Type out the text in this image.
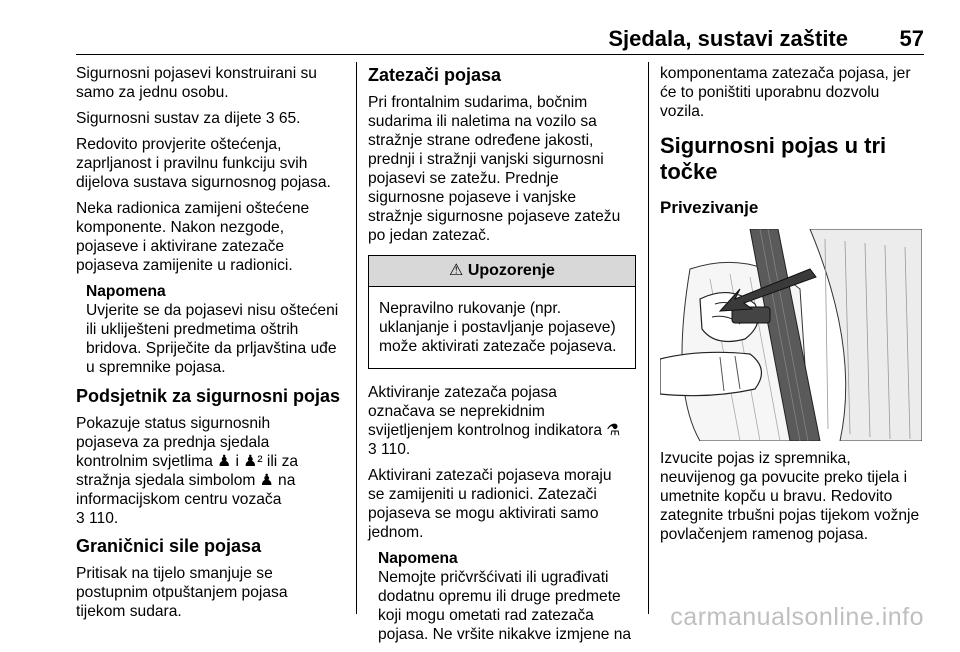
Sjedala, sustavi zaštite 57

Sigurnosni pojasevi konstruirani su
samo za jednu osobu.

Sigurnosni sustav za dijete 3 65.

Redovito provjerite oštećenja,
zaprljanost i pravilnu funkciju svih
dijelova sustava sigurnosnog pojasa.

Neka radionica zamijeni oštećene
komponente. Nakon nezgode,
pojaseve i aktivirane zatezače
pojaseva zamijenite u radionici.

Napomena
Uvjerite se da pojasevi nisu oštećeni
ili ukliješteni predmetima oštrih
bridova. Spriječite da prljavština uđe
u spremnike pojasa.
Podsjetnik za sigurnosni pojas

Pokazuje status sigurnosnih
pojaseva za prednja sjedala
kontrolnim svjetlima ♟ i ♟² ili za
stražnja sjedala simbolom ♟ na
informacijskom centru vozača
3 110.

Graničnici sile pojasa

Pritisak na tijelo smanjuje se
postupnim otpuštanjem pojasa
tijekom sudara.

Zatezači pojasa

Pri frontalnim sudarima, bočnim
sudarima ili naletima na vozilo sa
stražnje strane određene jakosti,
prednji i stražnji vanjski sigurnosni
pojasevi se zatežu. Prednje
sigurnosne pojaseve i vanjske
stražnje sigurnosne pojaseve zatežu
po jedan zatezač.

⚠ Upozorenje
Nepravilno rukovanje (npr.
uklanjanje i postavljanje pojaseve)
može aktivirati zatezače pojaseva.

Aktiviranje zatezača pojasa
označava se neprekidnim
svijetljenjem kontrolnog indikatora ⚗
3 110.

Aktivirani zatezači pojaseva moraju
se zamijeniti u radionici. Zatezači
pojaseva se mogu aktivirati samo
jednom.

Napomena
Nemojte pričvršćivati ili ugrađivati
dodatnu opremu ili druge predmete
koji mogu ometati rad zatezača
pojasa. Ne vršite nikakve izmjene na

komponentama zatezača pojasa, jer
će to poništiti uporabnu dozvolu
vozila.

Sigurnosni pojas u tri točke
Privezivanje

Izvucite pojas iz spremnika,
neuvijenog ga povucite preko tijela i
umetnite kopču u bravu. Redovito
zategnite trbušni pojas tijekom vožnje
povlačenjem ramenog pojasa.

carmanualsonline.info
